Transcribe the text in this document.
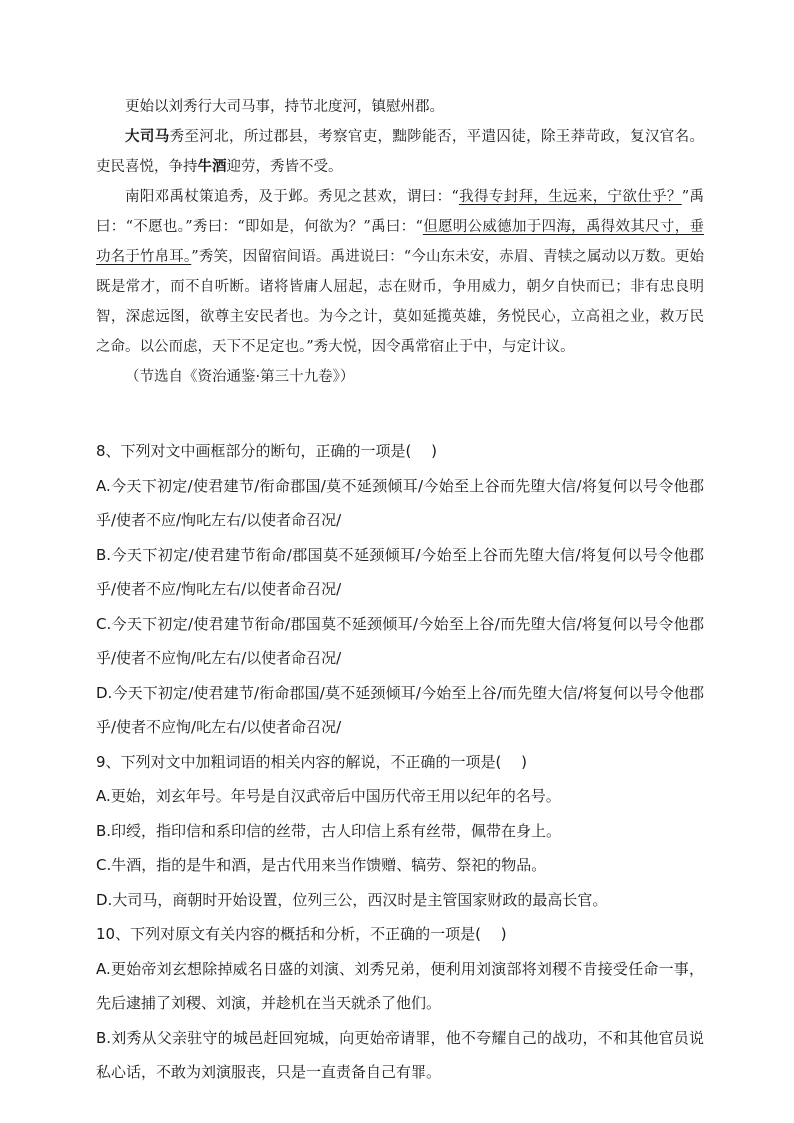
更始以刘秀行大司马事，持节北度河，镇慰州郡。

大司马秀至河北，所过郡县，考察官吏，黜陟能否，平遣囚徒，除王莽苛政，复汉官名。吏民喜悦，争持牛酒迎劳，秀皆不受。

南阳邓禹杖策追秀，及于邺。秀见之甚欢，谓曰：“我得专封拜，生远来，宁欲仕乎？”禹曰：“不愿也。”秀曰：“即如是，何欲为？”禹曰：“但愿明公威德加于四海，禹得效其尺寸，垂功名于竹帛耳。”秀笑，因留宿间语。禹进说曰：“今山东未安，赤眉、青犊之属动以万数。更始既是常才，而不自听断。诸将皆庸人屈起，志在财币，争用威力，朝夕自快而已；非有忠良明智，深虑远图，欲尊主安民者也。为今之计，莫如延揽英雄，务悦民心，立高祖之业，救万民之命。以公而虑，天下不足定也。”秀大悦，因令禹常宿止于中，与定计议。

（节选自《资治通鉴·第三十九卷》）

8、下列对文中画框部分的断句，正确的一项是(　 )

A.今天下初定/使君建节/衔命郡国/莫不延颈倾耳/今始至上谷而先堕大信/将复何以号令他郡乎/使者不应/恂叱左右/以使者命召况/

B.今天下初定/使君建节衔命/郡国莫不延颈倾耳/今始至上谷而先堕大信/将复何以号令他郡乎/使者不应/恂叱左右/以使者命召况/

C.今天下初定/使君建节衔命/郡国莫不延颈倾耳/今始至上谷/而先堕大信/将复何以号令他郡乎/使者不应恂/叱左右/以使者命召况/

D.今天下初定/使君建节/衔命郡国/莫不延颈倾耳/今始至上谷/而先堕大信/将复何以号令他郡乎/使者不应恂/叱左右/以使者命召况/

9、下列对文中加粗词语的相关内容的解说，不正确的一项是(　 )

A.更始，刘玄年号。年号是自汉武帝后中国历代帝王用以纪年的名号。

B.印绶，指印信和系印信的丝带，古人印信上系有丝带，佩带在身上。

C.牛酒，指的是牛和酒，是古代用来当作馈赠、犒劳、祭祀的物品。

D.大司马，商朝时开始设置，位列三公，西汉时是主管国家财政的最高长官。

10、下列对原文有关内容的概括和分析，不正确的一项是(　 )

A.更始帝刘玄想除掉威名日盛的刘演、刘秀兄弟，便利用刘演部将刘稷不肯接受任命一事，先后逮捕了刘稷、刘演，并趁机在当天就杀了他们。

B.刘秀从父亲驻守的城邑赶回宛城，向更始帝请罪，他不夸耀自己的战功，不和其他官员说私心话，不敢为刘演服丧，只是一直责备自己有罪。
